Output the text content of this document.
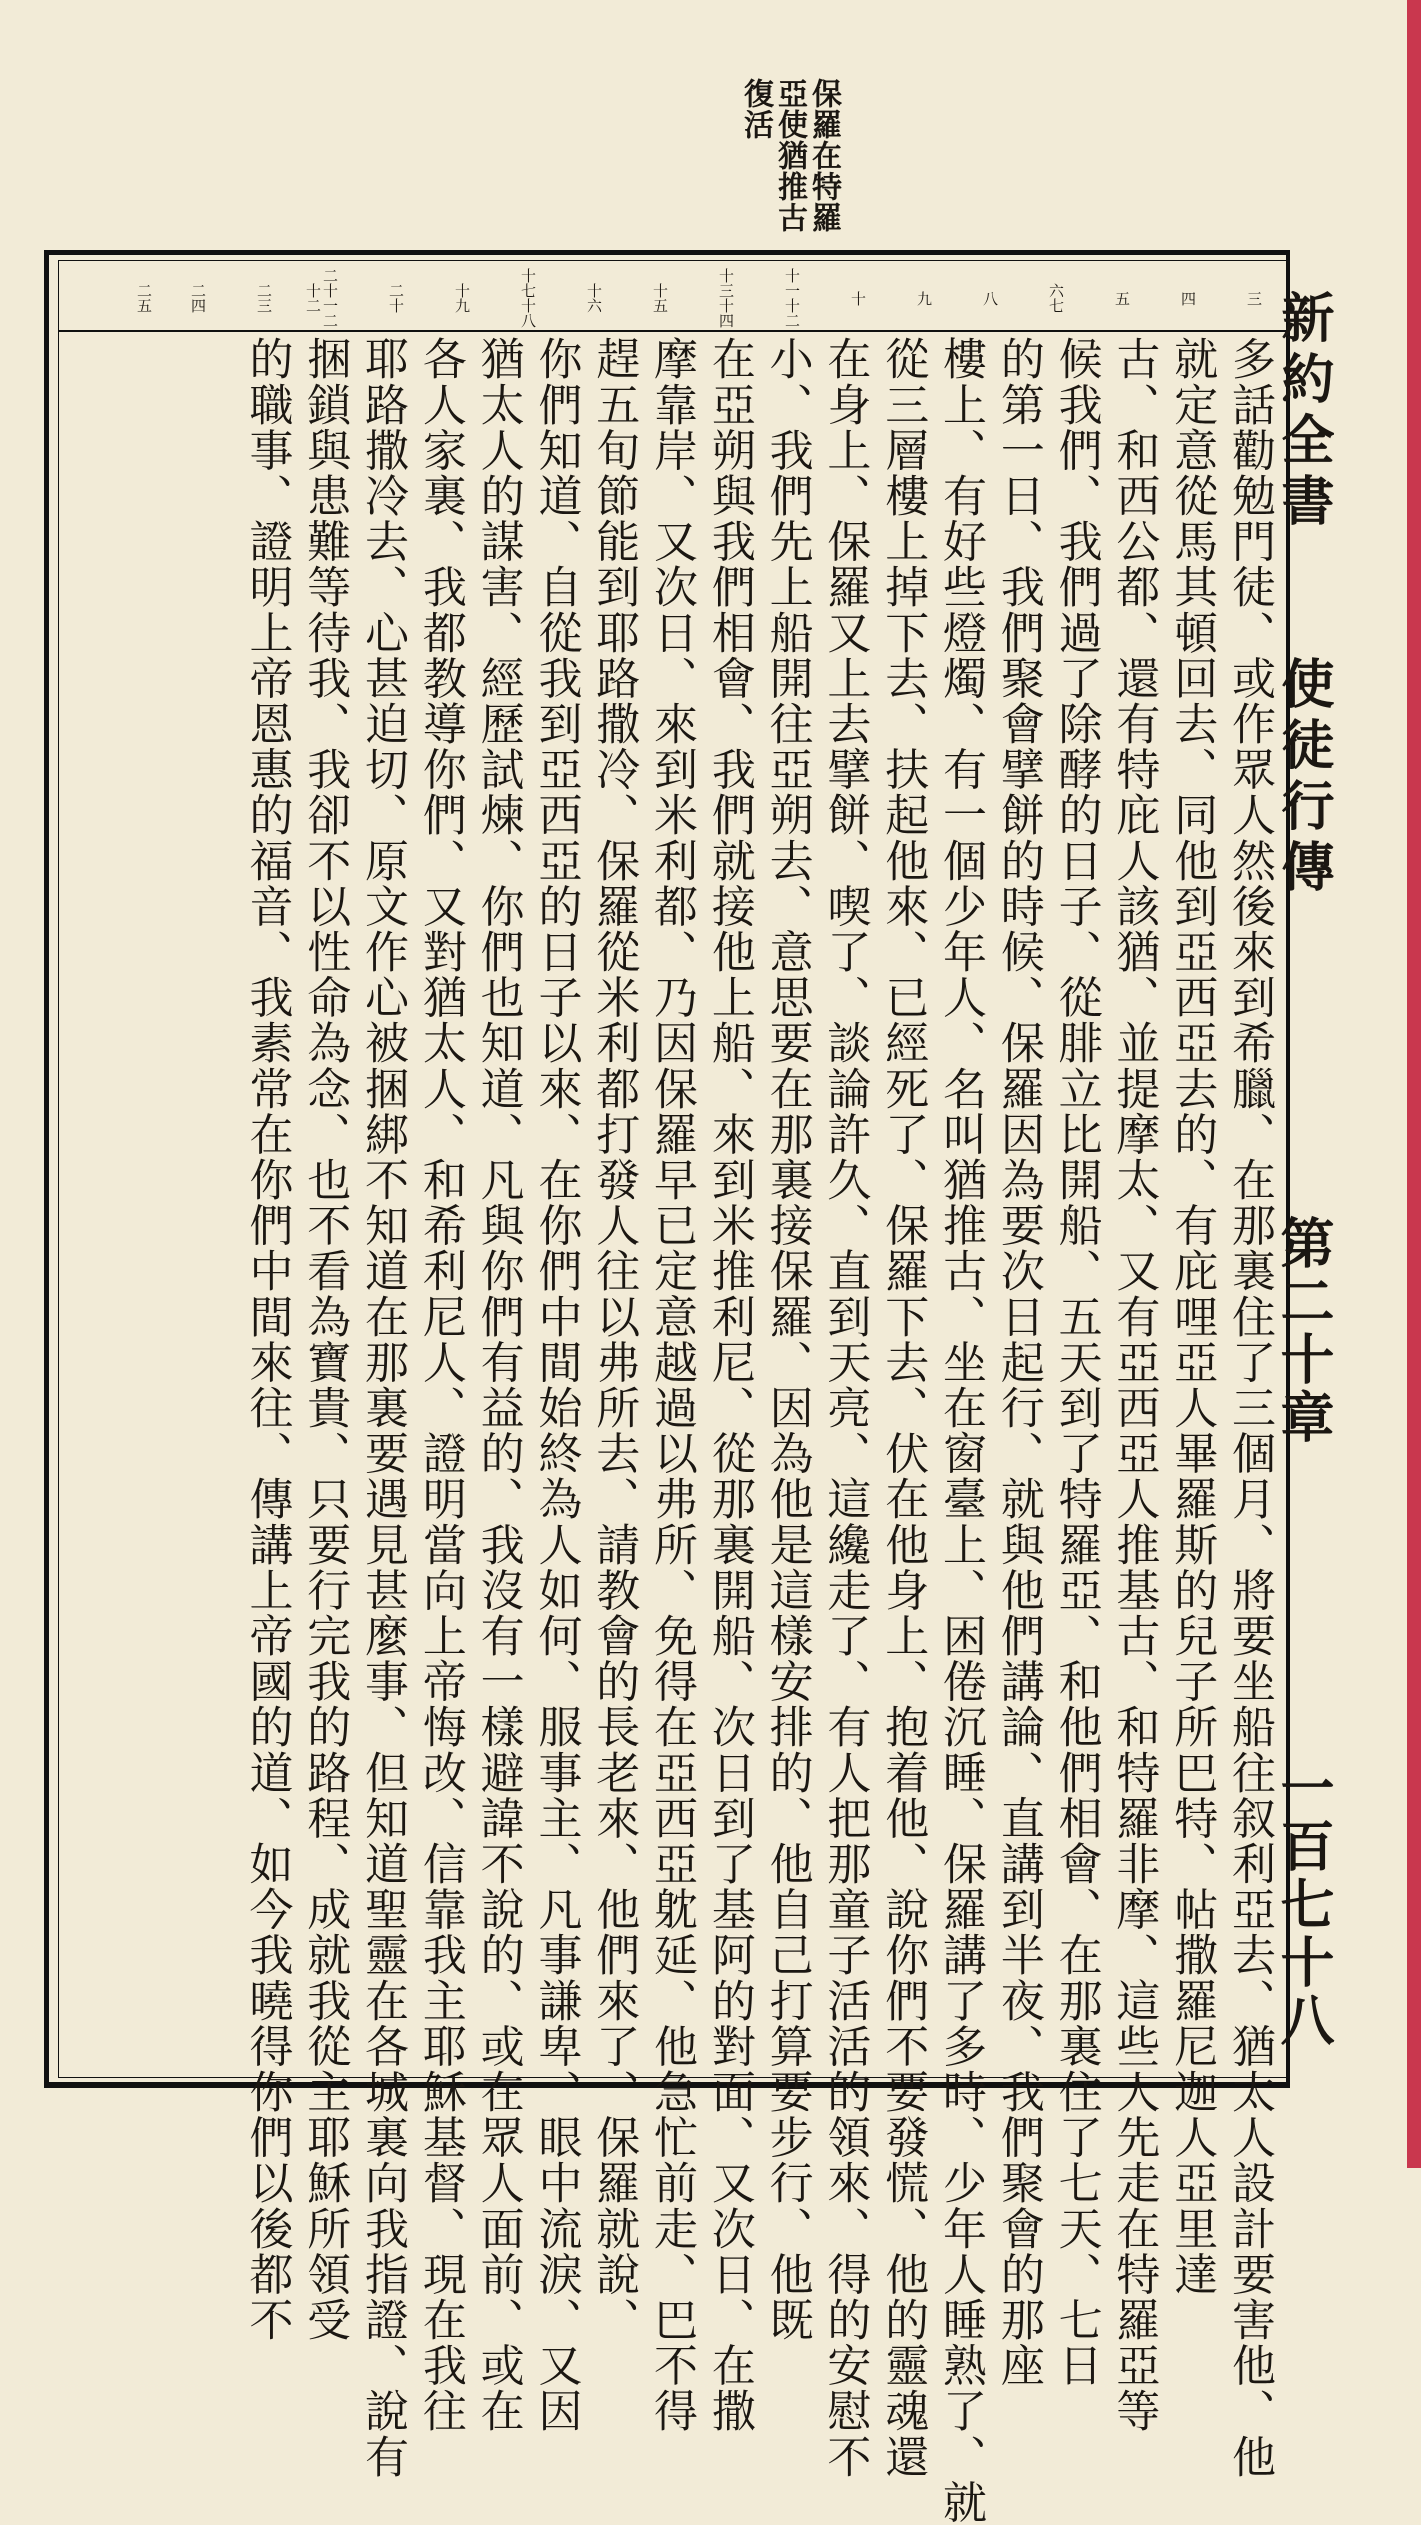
保羅在特羅
亞使猶推古
復活
三
四
五
六七
八
九
十
十一十二
十三十四
十五
十六
十七十八
十九
二十
二十一二十二
二三
二四
二五
多話勸勉門徒、或作眾人然後來到希臘、在那裏住了三個月、將要坐船往叙利亞去、猶太人設計要害他、他
就定意從馬其頓回去、同他到亞西亞去的、有庇哩亞人畢羅斯的兒子所巴特、帖撒羅尼迦人亞里達
古、和西公都、還有特庇人該猶、並提摩太、又有亞西亞人推基古、和特羅非摩、這些人先走在特羅亞等
候我們、我們過了除酵的日子、從腓立比開船、五天到了特羅亞、和他們相會、在那裏住了七天、七日
的第一日、我們聚會擘餅的時候、保羅因為要次日起行、就與他們講論、直講到半夜、我們聚會的那座
樓上、有好些燈燭、有一個少年人、名叫猶推古、坐在窗臺上、困倦沉睡、保羅講了多時、少年人睡熟了、就
從三層樓上掉下去、扶起他來、已經死了、保羅下去、伏在他身上、抱着他、說你們不要發慌、他的靈魂還
在身上、保羅又上去擘餅、喫了、談論許久、直到天亮、這纔走了、有人把那童子活活的領來、得的安慰不
小、我們先上船開往亞朔去、意思要在那裏接保羅、因為他是這樣安排的、他自己打算要步行、他既
在亞朔與我們相會、我們就接他上船、來到米推利尼、從那裏開船、次日到了基阿的對面、又次日、在撒
摩靠岸、又次日、來到米利都、乃因保羅早已定意越過以弗所、免得在亞西亞躭延、他急忙前走、巴不得
趕五旬節能到耶路撒冷、保羅從米利都打發人往以弗所去、請教會的長老來、他們來了、保羅就說、
你們知道、自從我到亞西亞的日子以來、在你們中間始終為人如何、服事主、凡事謙卑、眼中流淚、又因
猶太人的謀害、經歷試煉、你們也知道、凡與你們有益的、我沒有一樣避諱不說的、或在眾人面前、或在
各人家裏、我都教導你們、又對猶太人、和希利尼人、證明當向上帝悔改、信靠我主耶穌基督、現在我往
耶路撒冷去、心甚迫切、原文作心被捆綁不知道在那裏要遇見甚麼事、但知道聖靈在各城裏向我指證、說有
捆鎖與患難等待我、我卻不以性命為念、也不看為寶貴、只要行完我的路程、成就我從主耶穌所領受
的職事、證明上帝恩惠的福音、我素常在你們中間來往、傳講上帝國的道、如今我曉得你們以後都不	新約全書　　使徒行傳
第二十章
一百七十八
